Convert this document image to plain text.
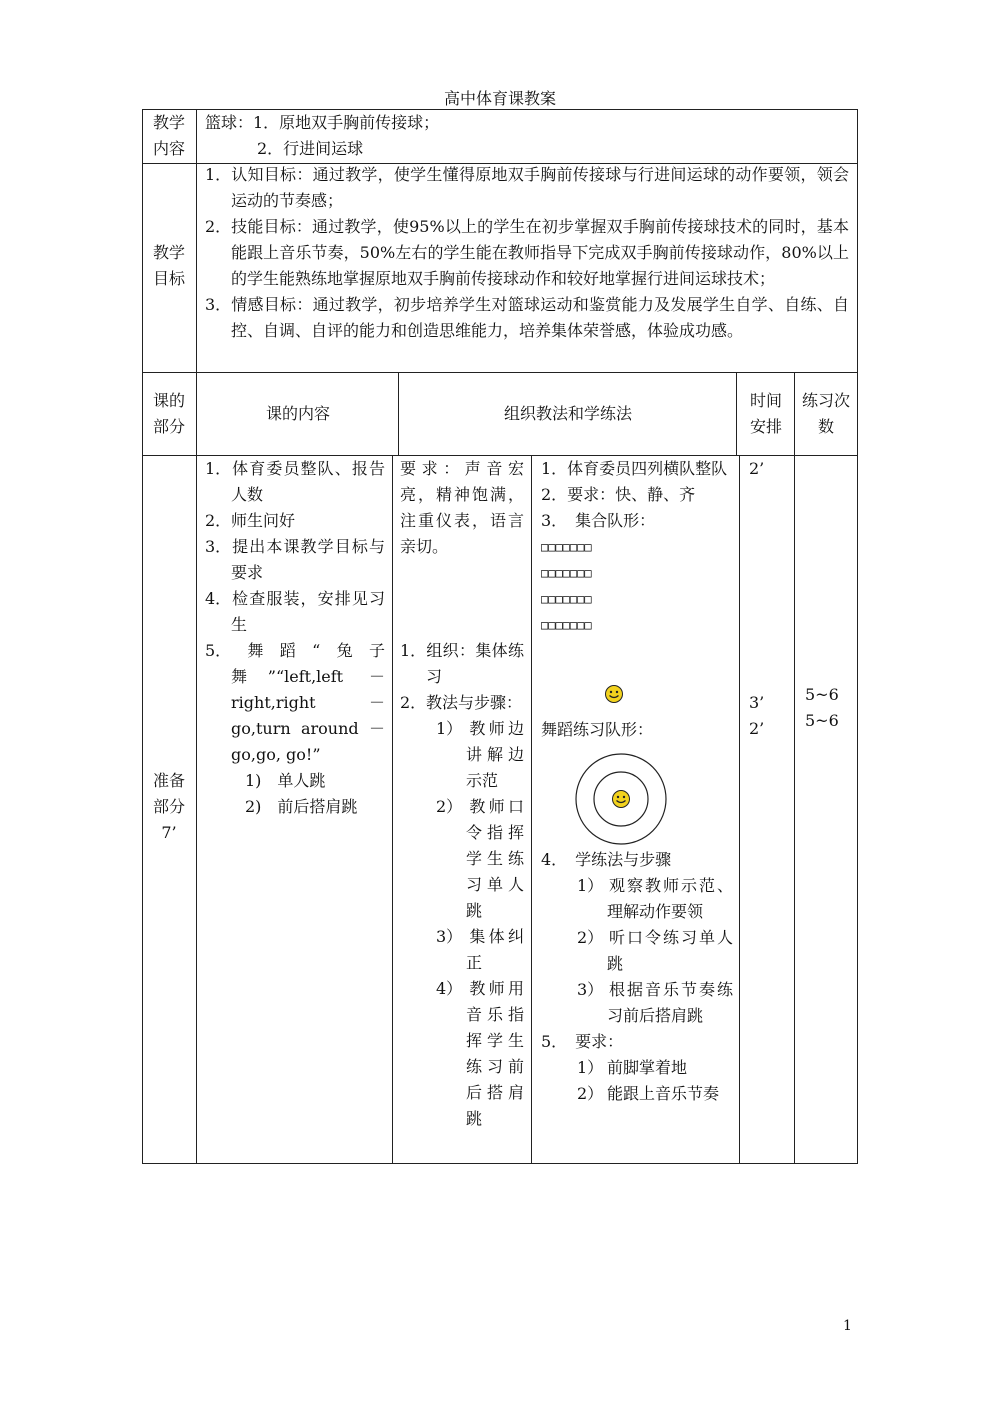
高中体育课教案
教学内容
篮球：1．原地双手胸前传接球；
2．行进间运球
教学目标
1．认知目标：通过教学，使学生懂得原地双手胸前传接球与行进间运球的动作要领，领会运动的节奏感；
2．技能目标：通过教学，使95%以上的学生在初步掌握双手胸前传接球技术的同时，基本能跟上音乐节奏，50%左右的学生能在教师指导下完成双手胸前传接球动作，80%以上的学生能熟练地掌握原地双手胸前传接球动作和较好地掌握行进间运球技术；
3．情感目标：通过教学，初步培养学生对篮球运动和鉴赏能力及发展学生自学、自练、自控、自调、自评的能力和创造思维能力，培养集体荣誉感，体验成功感。
课的部分
课的内容	组织教法和学练法
时间安排
练习次数
准备部分7’
1．体育委员整队、报告人数
2．师生问好
3．提出本课教学目标与要求
4．检查服装，安排见习生
5．舞蹈“兔子舞”“left,left －right,right － go,turn around － go,go, go!”
1)　单人跳
2)　前后搭肩跳
要求：声音宏亮，精神饱满，注重仪表，语言亲切。
1．组织：集体练习
2．教法与步骤：
1） 教师边讲解边示范
2） 教师口令指挥学生练习单人跳
3） 集体纠正
4） 教师用音乐指挥学生练习前后搭肩跳
1．体育委员四列横队整队
2．要求：快、静、齐
3．　集合队形：
□□□□□□□
□□□□□□□
□□□□□□□
□□□□□□□
舞蹈练习队形：
4．　学练法与步骤
1） 观察教师示范、理解动作要领
2） 听口令练习单人跳
3） 根据音乐节奏练习前后搭肩跳
5．　要求：
1） 前脚掌着地
2） 能跟上音乐节奏
2’
3’
2’
5~6
5~6
1
